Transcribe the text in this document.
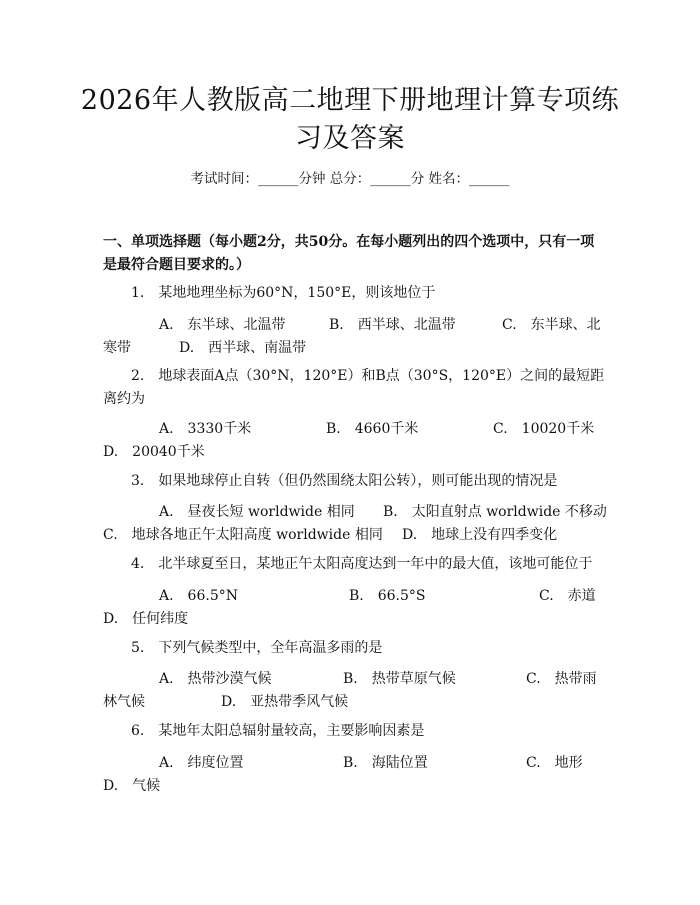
2026年人教版高二地理下册地理计算专项练习及答案
考试时间：______分钟 总分：______分 姓名：______
一、单项选择题（每小题2分，共50分。在每小题列出的四个选项中，只有一项是最符合题目要求的。）
1.　某地地理坐标为60°N，150°E，则该地位于
A.　东半球、北温带	B.　西半球、北温带	C.　东半球、北
寒带	D.　西半球、南温带
2.　地球表面A点（30°N，120°E）和B点（30°S，120°E）之间的最短距离约为
A.　3330千米	B.　4660千米	C.　10020千米
D.　20040千米
3.　如果地球停止自转（但仍然围绕太阳公转），则可能出现的情况是
A.　昼夜长短 worldwide 相同 B.　太阳直射点 worldwide 不移动
C.　地球各地正午太阳高度 worldwide 相同 D.　地球上没有四季变化
4.　北半球夏至日，某地正午太阳高度达到一年中的最大值，该地可能位于
A.　66.5°N	B.　66.5°S	C.　赤道
D.　任何纬度
5.　下列气候类型中，全年高温多雨的是
A.　热带沙漠气候	B.　热带草原气候	C.　热带雨
林气候	D.　亚热带季风气候
6.　某地年太阳总辐射量较高，主要影响因素是
A.　纬度位置	B.　海陆位置	C.　地形
D.　气候
